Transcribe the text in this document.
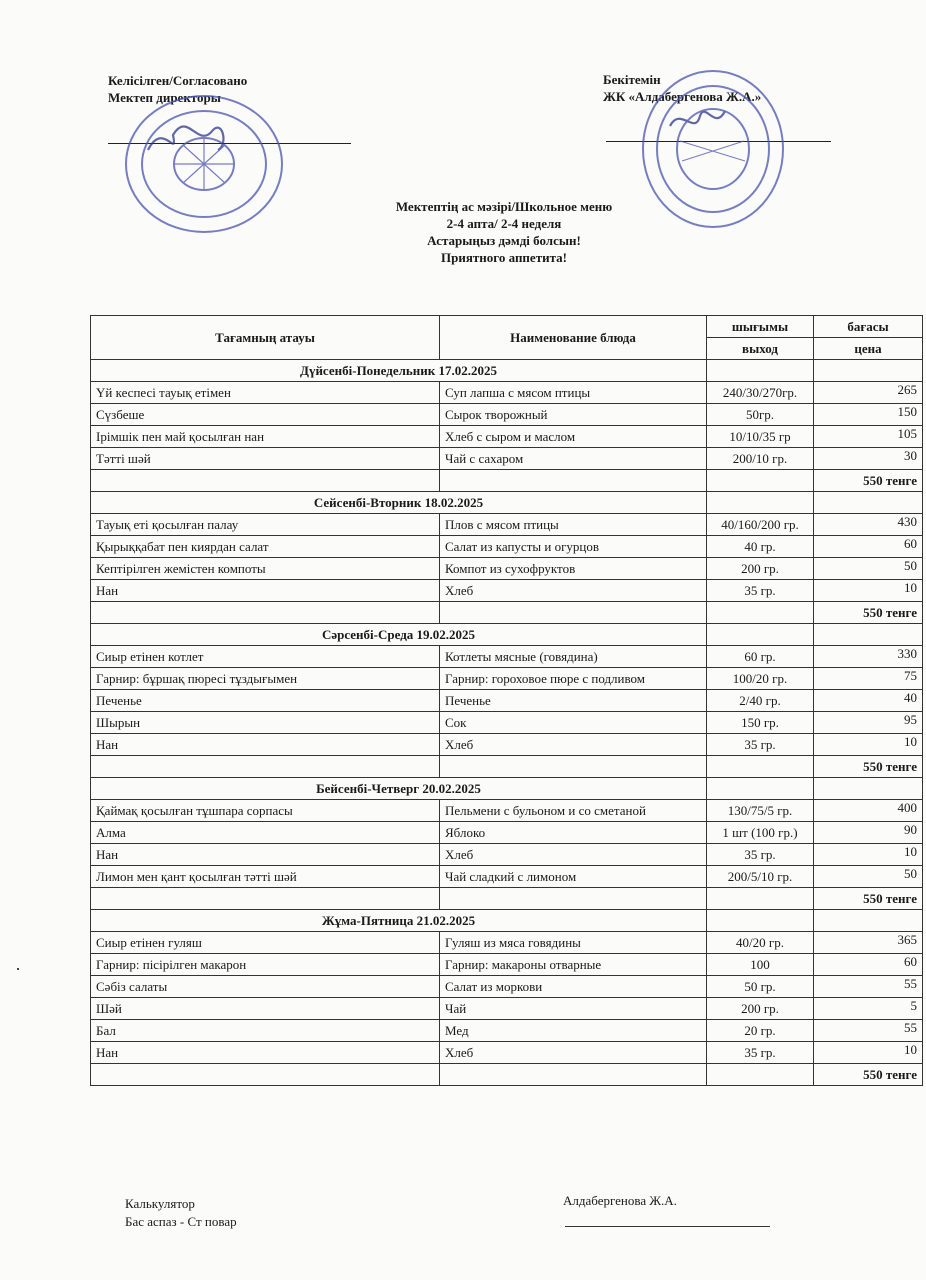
Келісілген/Согласовано
Мектеп директоры
Бекітемін
ЖК «Алдабергенова Ж.А.»
Мектептің ас мәзірі/Школьное меню
2-4 апта/ 2-4 неделя
Астарыңыз дәмді болсын!
Приятного аппетита!
Тағамның атауы	Наименование блюда	шығымы	бағасы
		выход	цена
Дүйсенбі-Понедельник 17.02.2025			
Үй кеспесі тауық етімен	Суп лапша с мясом птицы	240/30/270гр.	265
Сүзбеше	Сырок творожный	50гр.	150
Ірімшік пен май қосылған нан	Хлеб с сыром и маслом	10/10/35 гр	105
Тәтті шәй	Чай с сахаром	200/10 гр.	30
			550 тенге
Сейсенбі-Вторник 18.02.2025			
Тауық еті қосылған палау	Плов с мясом птицы	40/160/200 гр.	430
Қырыққабат пен киярдан салат	Салат из капусты и огурцов	40 гр.	60
Кептірілген жемістен компоты	Компот из сухофруктов	200 гр.	50
Нан	Хлеб	35 гр.	10
			550 тенге
Сәрсенбі-Среда 19.02.2025			
Сиыр етінен котлет	Котлеты мясные (говядина)	60 гр.	330
Гарнир: бұршақ пюресі тұздығымен	Гарнир: гороховое пюре с подливом	100/20 гр.	75
Печенье	Печенье	2/40 гр.	40
Шырын	Сок	150 гр.	95
Нан	Хлеб	35 гр.	10
			550 тенге
Бейсенбі-Четверг 20.02.2025			
Қаймақ қосылған тұшпара сорпасы	Пельмени с бульоном и со сметаной	130/75/5 гр.	400
Алма	Яблоко	1 шт (100 гр.)	90
Нан	Хлеб	35 гр.	10
Лимон мен қант қосылған тәтті шәй	Чай сладкий с лимоном	200/5/10 гр.	50
			550 тенге
Жұма-Пятница 21.02.2025			
Сиыр етінен гуляш	Гуляш из мяса говядины	40/20 гр.	365
Гарнир: пісірілген макарон	Гарнир: макароны отварные	100	60
Сәбіз салаты	Салат из моркови	50 гр.	55
Шәй	Чай	200 гр.	5
Бал	Мед	20 гр.	55
Нан	Хлеб	35 гр.	10
			550 тенге
Калькулятор
Бас аспаз - Ст повар
Алдабергенова Ж.А.
